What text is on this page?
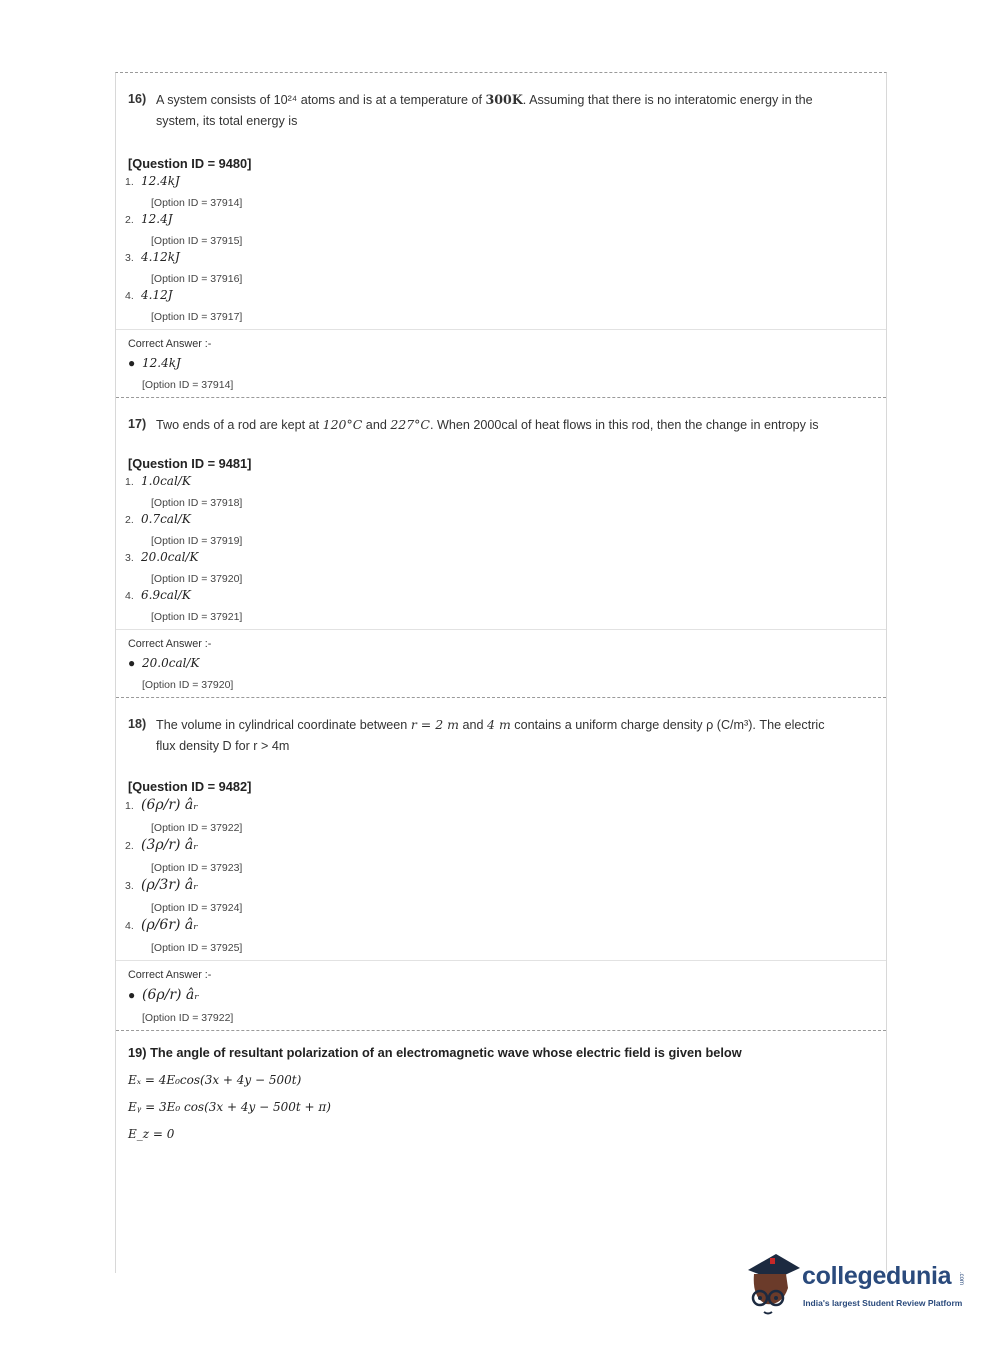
16) A system consists of 10²⁴ atoms and is at a temperature of 300K. Assuming that there is no interatomic energy in the system, its total energy is
[Question ID = 9480]
1. 12.4kJ
[Option ID = 37914]
2. 12.4J
[Option ID = 37915]
3. 4.12kJ
[Option ID = 37916]
4. 4.12J
[Option ID = 37917]
Correct Answer :-
● 12.4kJ
[Option ID = 37914]
17) Two ends of a rod are kept at 120°C and 227°C. When 2000cal of heat flows in this rod, then the change in entropy is
[Question ID = 9481]
1. 1.0cal/K
[Option ID = 37918]
2. 0.7cal/K
[Option ID = 37919]
3. 20.0cal/K
[Option ID = 37920]
4. 6.9cal/K
[Option ID = 37921]
Correct Answer :-
● 20.0cal/K
[Option ID = 37920]
18) The volume in cylindrical coordinate between r = 2 m and 4 m contains a uniform charge density ρ (C/m³). The electric flux density D for r > 4m
[Question ID = 9482]
1. (6ρ/r) âᵣ
[Option ID = 37922]
2. (3ρ/r) âᵣ
[Option ID = 37923]
3. (ρ/3r) âᵣ
[Option ID = 37924]
4. (ρ/6r) âᵣ
[Option ID = 37925]
Correct Answer :-
● (6ρ/r) âᵣ
[Option ID = 37922]
19) The angle of resultant polarization of an electromagnetic wave whose electric field is given below
Eₓ = 4E₀cos(3x + 4y − 500t)
Eᵧ = 3E₀ cos(3x + 4y − 500t + π)
E_z = 0
collegedunia .com
India's largest Student Review Platform
